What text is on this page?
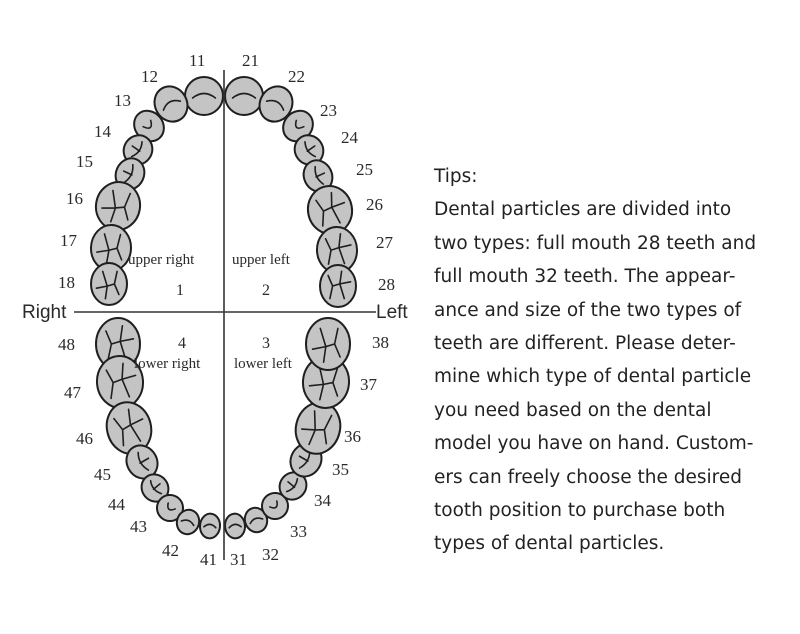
Right	Left
upper right
1
upper left
2
3
lower left
4
lower right
11
12
13
14
15
16
17
18
21
22
23
24
25
26
27
28
31 32
33
34
35
36
37
38
41
42
43
44
45
46
47
48
Tips:
Dental particles are divided into
two types: full mouth 28 teeth and
full mouth 32 teeth. The appear-
ance and size of the two types of
teeth are different. Please deter-
mine which type of dental particle
you need based on the dental
model you have on hand. Custom-
ers can freely choose the desired
tooth position to purchase both
types of dental particles.
